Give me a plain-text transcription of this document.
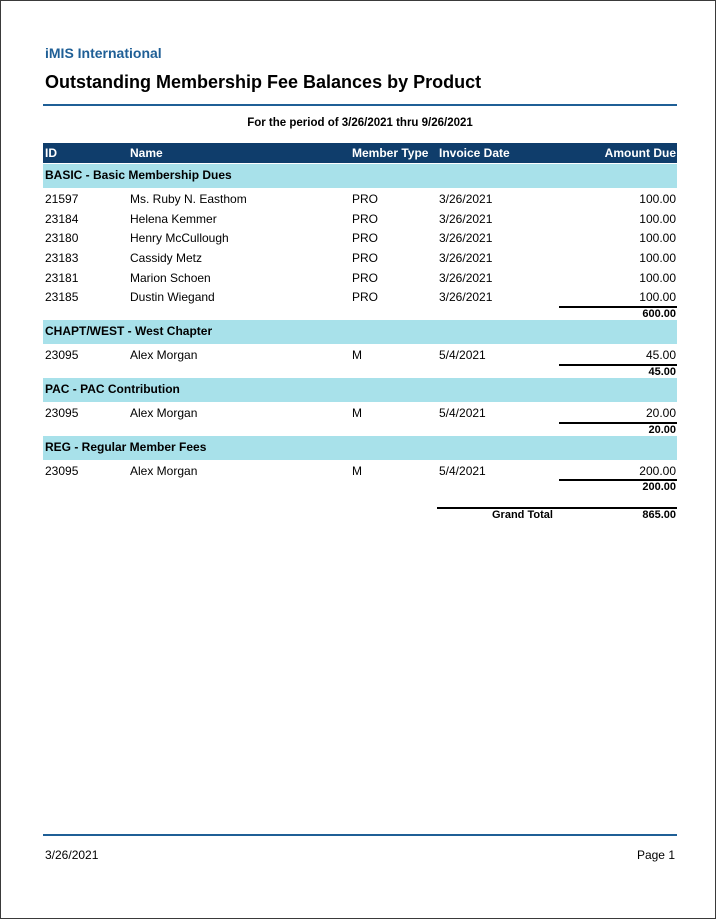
iMIS International
Outstanding Membership Fee Balances by Product
For the period of 3/26/2021 thru 9/26/2021
ID	Name	Member Type Invoice Date	Amount Due
BASIC - Basic Membership Dues
21597	Ms. Ruby N. Easthom	PRO	3/26/2021	100.00
23184	Helena Kemmer	PRO	3/26/2021	100.00
23180	Henry McCullough	PRO	3/26/2021	100.00
23183	Cassidy Metz	PRO	3/26/2021	100.00
23181	Marion Schoen	PRO	3/26/2021	100.00
23185	Dustin Wiegand	PRO	3/26/2021	100.00
600.00
CHAPT/WEST - West Chapter
23095	Alex Morgan	M	5/4/2021	45.00
45.00
PAC - PAC Contribution
23095	Alex Morgan	M	5/4/2021	20.00
20.00
REG - Regular Member Fees
23095	Alex Morgan	M	5/4/2021	200.00
200.00
Grand Total	865.00
3/26/2021	Page 1
